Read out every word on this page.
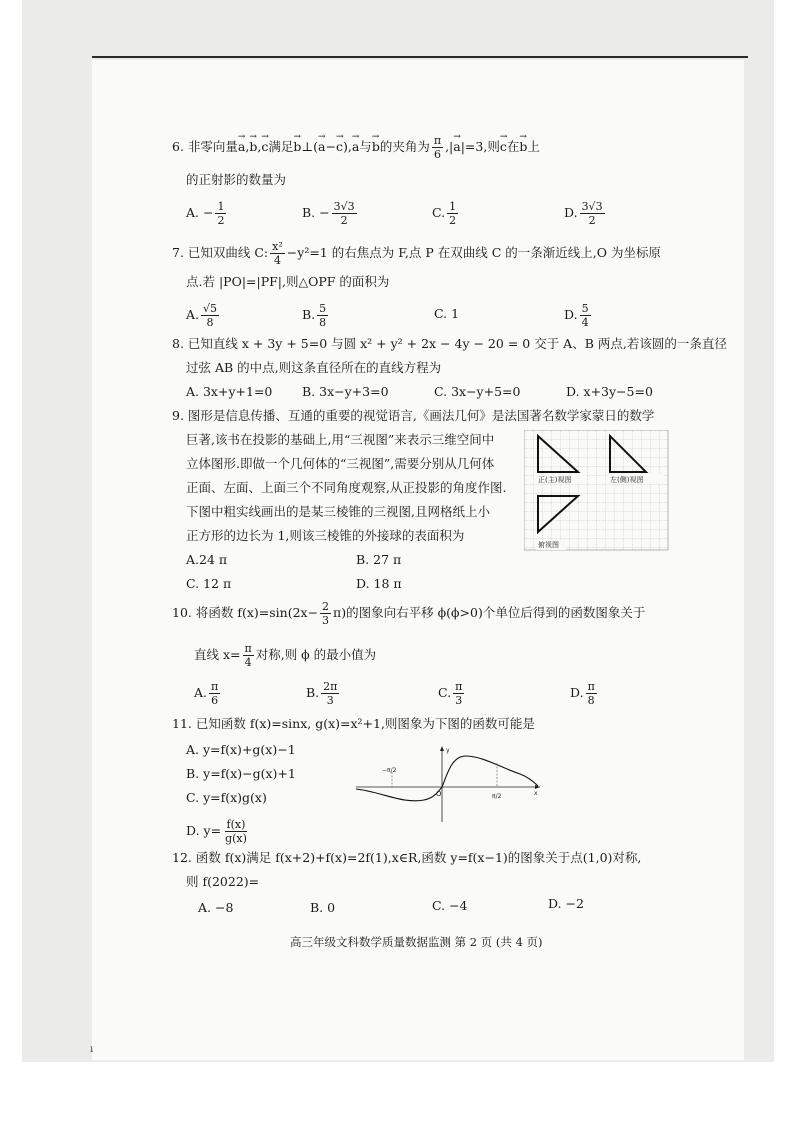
6. 非零向量→ a,→ b,→ c满足→ b⊥(→ a−→ c),→ a与→ b的夹角为 $\frac{\pi}{6}$ ,|→ a|=3,则→ c在→ b上
的正射影的数量为
A. − $\frac{1}{2}$	B. − $\frac{3√3}{2}$	C. $\frac{1}{2}$	D. $\frac{3√3}{2}$
7. 已知双曲线 C: $\frac{\text{x²}}{4} -y^2=1$ 的右焦点为 F,点 P 在双曲线 C 的一条渐近线上,O 为坐标原
点.若 |PO|=|PF|,则△OPF 的面积为
A. $\frac{√5}{8}$	B. $\frac{5}{8}$	C. 1	D. $\frac{5}{4}$
8. 已知直线 x + 3y + 5=0 与圆 x² + y² + 2x − 4y − 20 = 0 交于 A、B 两点,若该圆的一条直径
过弦 AB 的中点,则这条直径所在的直线方程为
A. 3x+y+1=0 B. 3x−y+3=0	C. 3x−y+5=0	D. x+3y−5=0
9. 图形是信息传播、互通的重要的视觉语言,《画法几何》是法国著名数学家蒙日的数学
巨著,该书在投影的基础上,用“三视图”来表示三维空间中
立体图形.即做一个几何体的“三视图”,需要分别从几何体
正面、左面、上面三个不同角度观察,从正投影的角度作图.
下图中粗实线画出的是某三棱锥的三视图,且网格纸上小
正方形的边长为 1,则该三棱锥的外接球的表面积为
A.24 π	B. 27 π
C. 12 π	D. 18 π
正(主)视图	左(侧)视图
俯视图
10. 将函数 $f(x)=\sin(2x- \frac{2}{3} \pi)$的图象向右平移 ϕ(ϕ>0)个单位后得到的函数图象关于
直线 $x= \frac{\pi}{4}$ 对称,则 ϕ 的最小值为
A. $\frac{\pi}{6}$	B. $\frac{2\pi}{3}$	C. $\frac{\pi}{3}$	D. $\frac{\pi}{8}$
11. 已知函数 f(x)=sinx, g(x)=x²+1,则图象为下图的函数可能是
A. y=f(x)+g(x)−1
B. y=f(x)−g(x)+1
C. y=f(x)g(x)
D. $y= \frac{f(x)}{g(x)}$
−π/2
π/2
O	x
y
12. 函数 f(x)满足 f(x+2)+f(x)=2f(1),x∈R,函数 y=f(x−1)的图象关于点(1,0)对称,
则 f(2022)=
A. −8	B. 0	C. −4	D. −2
高三年级文科数学质量数据监测 第 2 页 (共 4 页)
ı
